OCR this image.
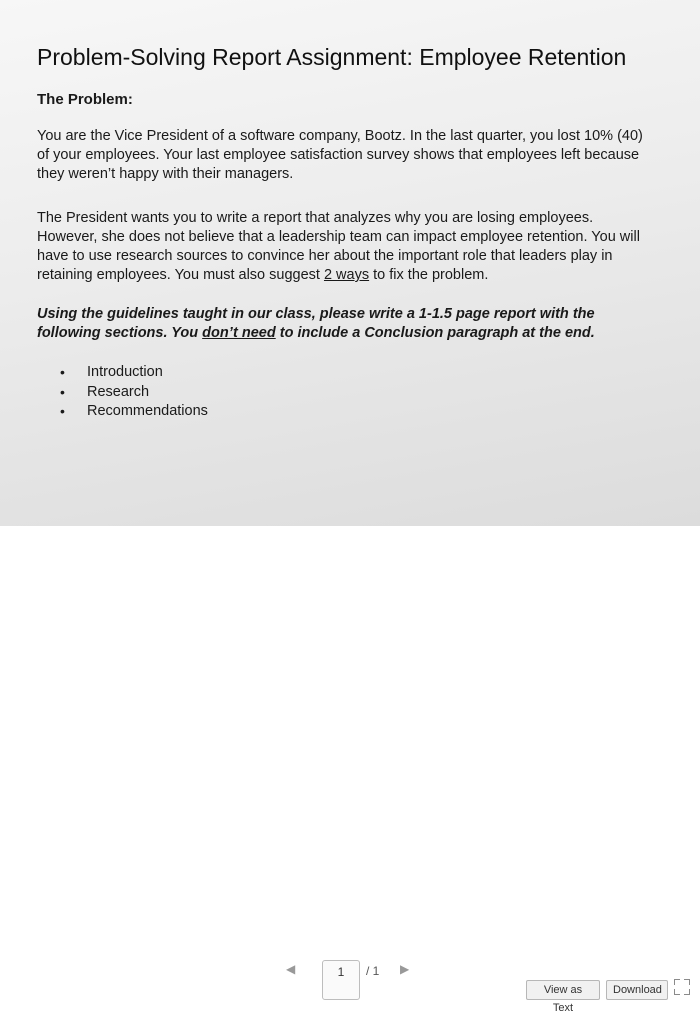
Problem-Solving Report Assignment: Employee Retention
The Problem:
You are the Vice President of a software company, Bootz. In the last quarter, you lost 10% (40) of your employees. Your last employee satisfaction survey shows that employees left because they weren’t happy with their managers.
The President wants you to write a report that analyzes why you are losing employees. However, she does not believe that a leadership team can impact employee retention. You will have to use research sources to convince her about the important role that leaders play in retaining employees. You must also suggest 2 ways to fix the problem.
Using the guidelines taught in our class, please write a 1-1.5 page report with the following sections. You don’t need to include a Conclusion paragraph at the end.
• Introduction
• Research
• Recommendations
◀	1	/ 1 ▶
View as Text
Download
